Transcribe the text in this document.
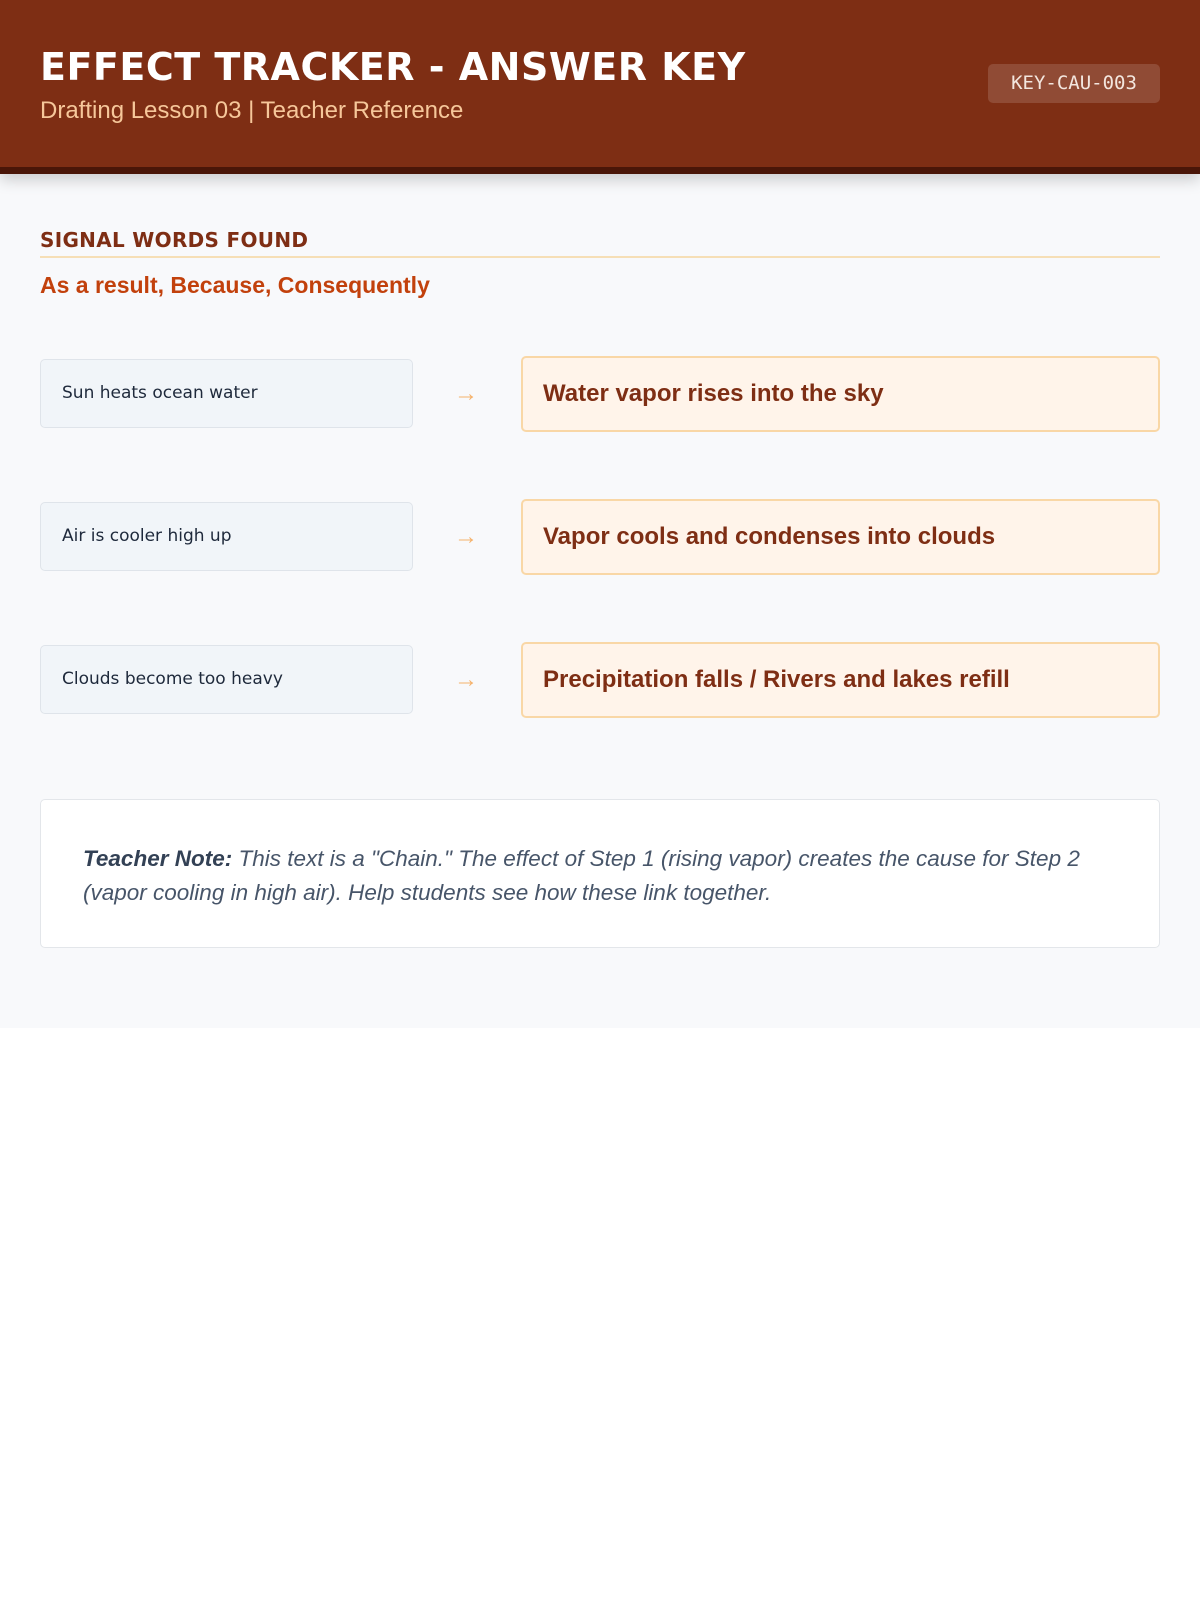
EFFECT TRACKER - ANSWER KEY
Drafting Lesson 03 | Teacher Reference
KEY-CAU-003
SIGNAL WORDS FOUND
As a result, Because, Consequently
Sun heats ocean water	→	Water vapor rises into the sky
Air is cooler high up	→	Vapor cools and condenses into clouds
Clouds become too heavy	→	Precipitation falls / Rivers and lakes refill
Teacher Note: This text is a "Chain." The effect of Step 1 (rising vapor) creates the cause for Step 2 (vapor cooling in high air). Help students see how these link together.
